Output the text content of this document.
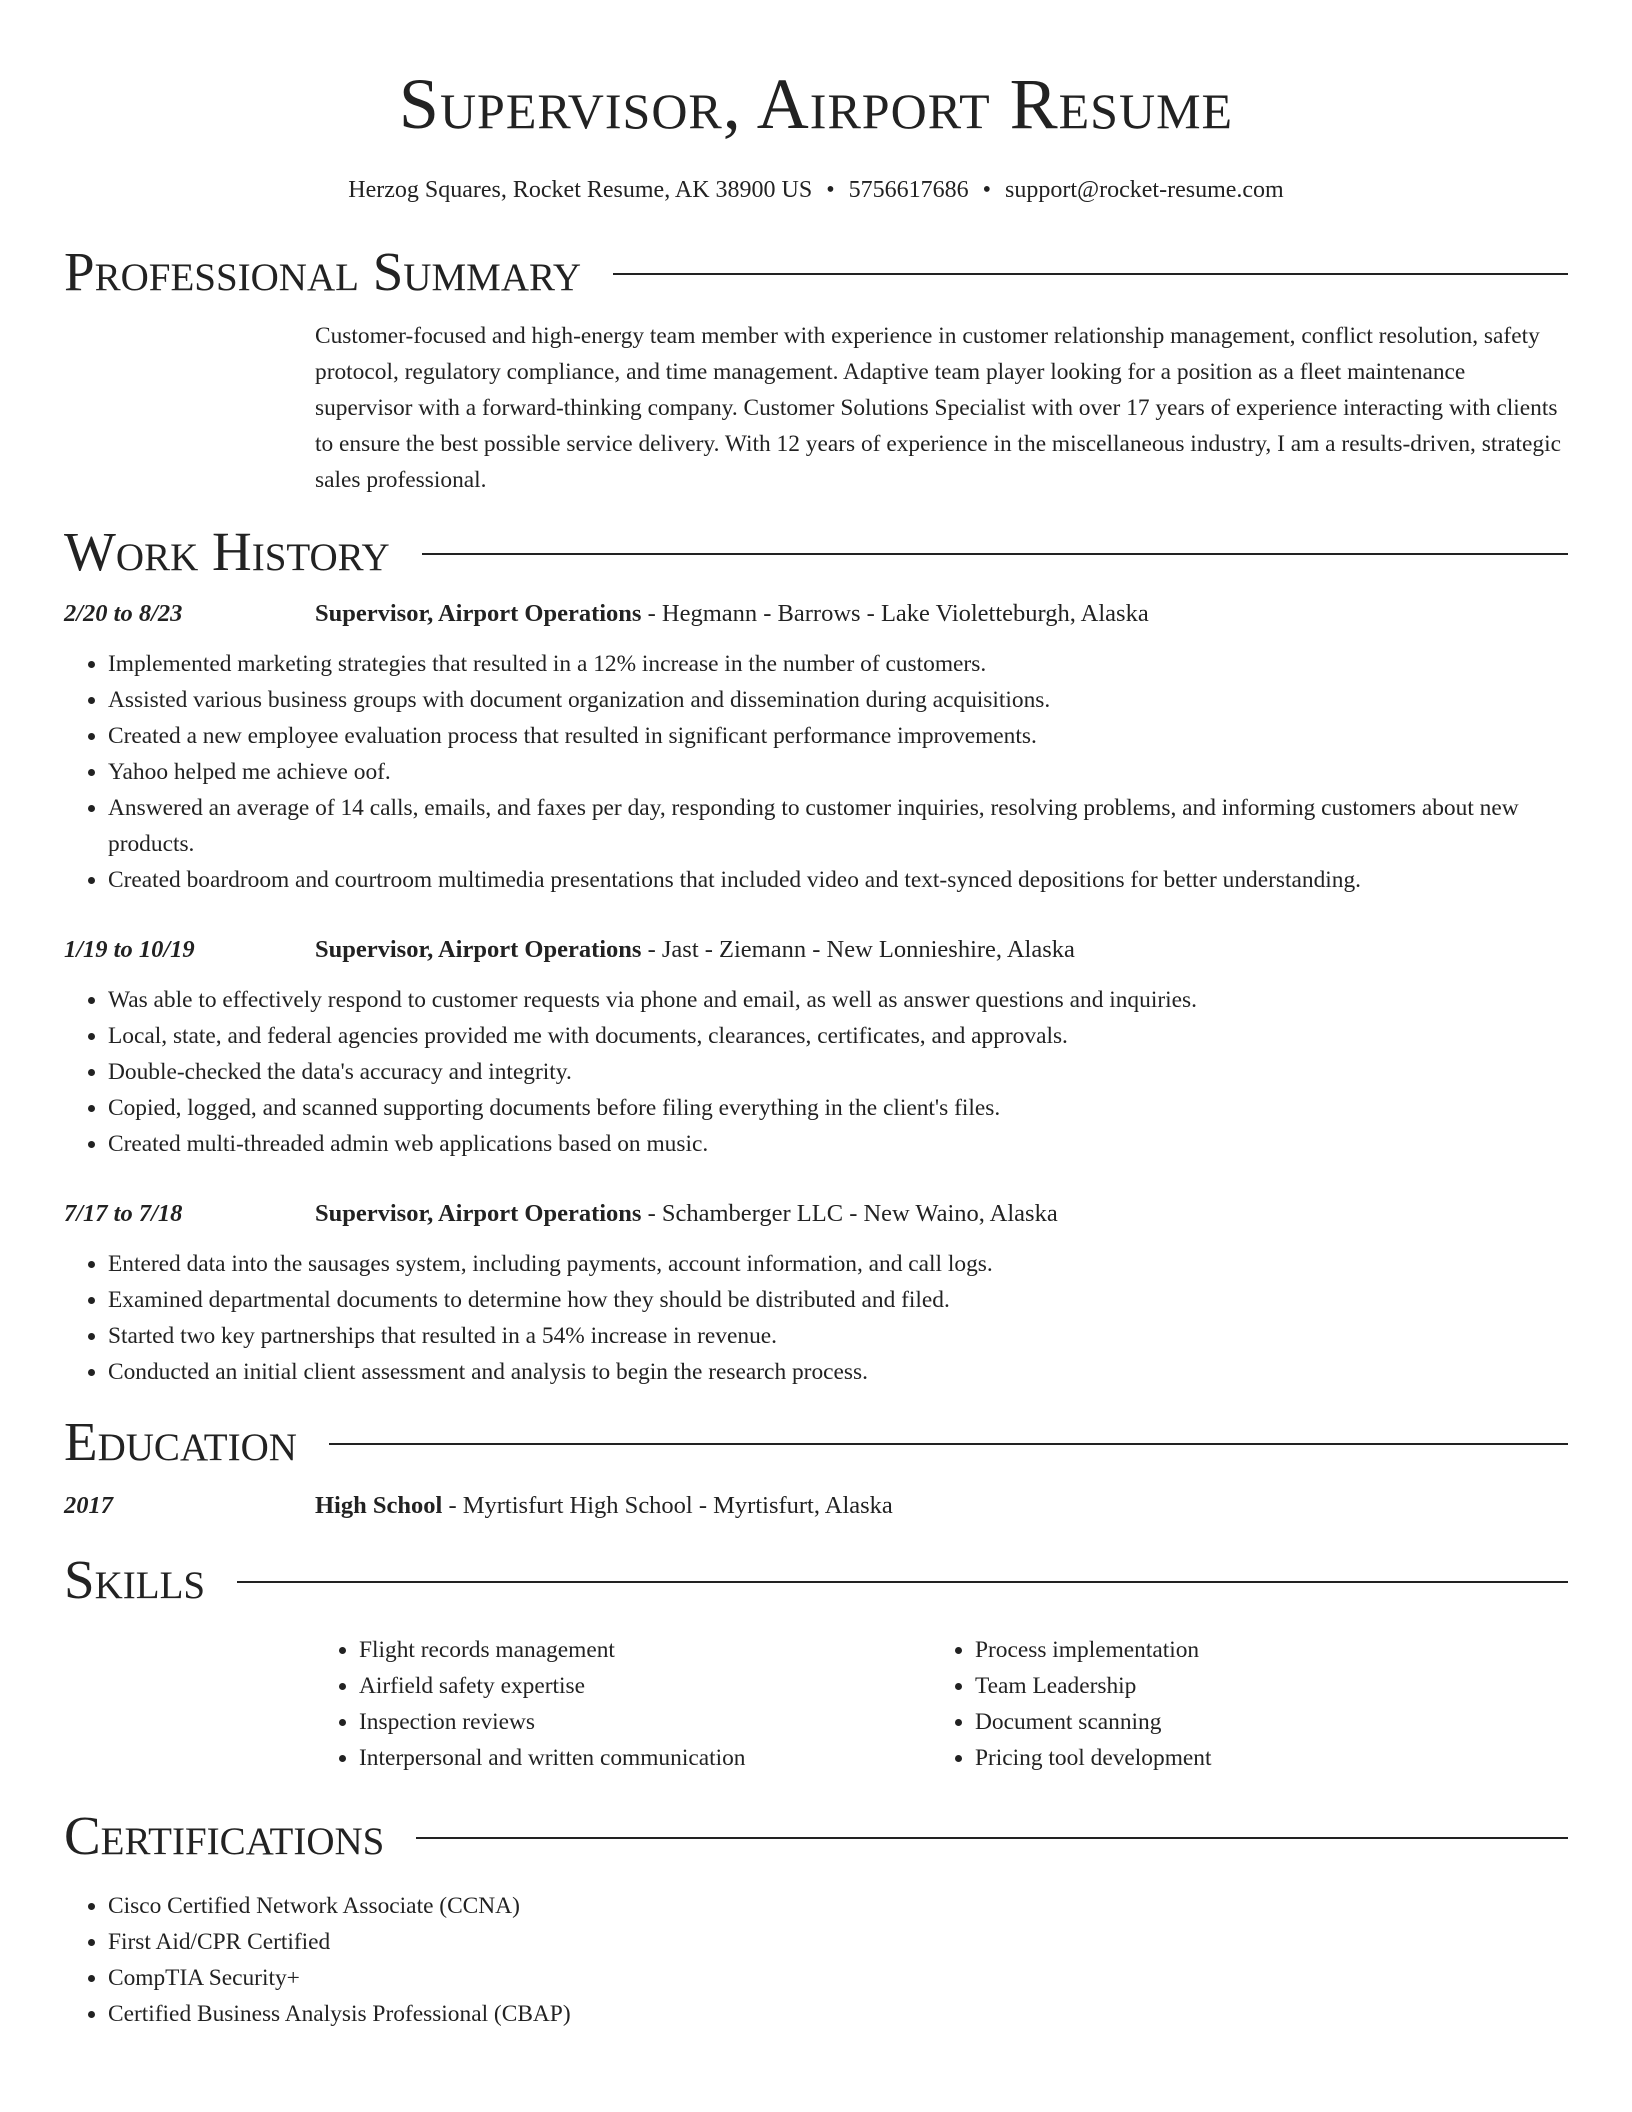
Supervisor, Airport Resume
Herzog Squares, Rocket Resume, AK 38900 US • 5756617686 • support@rocket-resume.com
Professional Summary
Customer-focused and high-energy team member with experience in customer relationship management, conflict resolution, safety protocol, regulatory compliance, and time management. Adaptive team player looking for a position as a fleet maintenance supervisor with a forward-thinking company. Customer Solutions Specialist with over 17 years of experience interacting with clients to ensure the best possible service delivery. With 12 years of experience in the miscellaneous industry, I am a results-driven, strategic sales professional.
Work History
2/20 to 8/23	Supervisor, Airport Operations - Hegmann - Barrows - Lake Violetteburgh, Alaska
• Implemented marketing strategies that resulted in a 12% increase in the number of customers.
• Assisted various business groups with document organization and dissemination during acquisitions.
• Created a new employee evaluation process that resulted in significant performance improvements.
• Yahoo helped me achieve oof.
• Answered an average of 14 calls, emails, and faxes per day, responding to customer inquiries, resolving problems, and informing customers about new products.
• Created boardroom and courtroom multimedia presentations that included video and text-synced depositions for better understanding.
1/19 to 10/19	Supervisor, Airport Operations - Jast - Ziemann - New Lonnieshire, Alaska
• Was able to effectively respond to customer requests via phone and email, as well as answer questions and inquiries.
• Local, state, and federal agencies provided me with documents, clearances, certificates, and approvals.
• Double-checked the data's accuracy and integrity.
• Copied, logged, and scanned supporting documents before filing everything in the client's files.
• Created multi-threaded admin web applications based on music.
7/17 to 7/18	Supervisor, Airport Operations - Schamberger LLC - New Waino, Alaska
• Entered data into the sausages system, including payments, account information, and call logs.
• Examined departmental documents to determine how they should be distributed and filed.
• Started two key partnerships that resulted in a 54% increase in revenue.
• Conducted an initial client assessment and analysis to begin the research process.
Education
2017	High School - Myrtisfurt High School - Myrtisfurt, Alaska
Skills
• Flight records management
• Airfield safety expertise
• Inspection reviews
• Interpersonal and written communication
• Process implementation
• Team Leadership
• Document scanning
• Pricing tool development
Certifications
• Cisco Certified Network Associate (CCNA)
• First Aid/CPR Certified
• CompTIA Security+
• Certified Business Analysis Professional (CBAP)
